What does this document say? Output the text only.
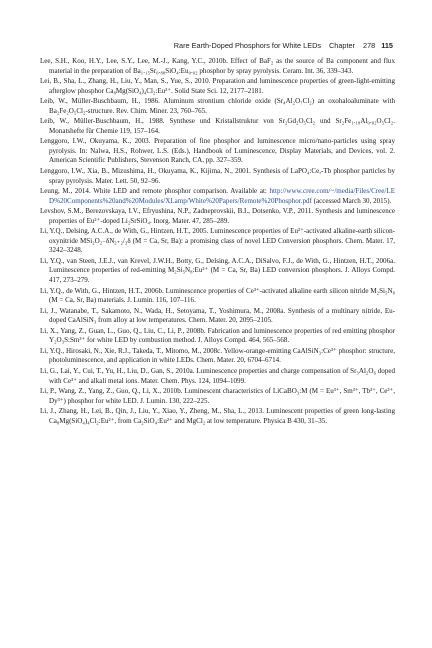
Rare Earth-Doped Phosphors for White LEDs
Chapter
278 115

Lee, S.H., Koo, H.Y., Lee, S.Y., Lee, M.-J., Kang, Y.C., 2010b. Effect of BaF₂ as the source of Ba component and flux material in the preparation of Ba₁.₁₅Sr₀.₈₈SiO₄:Eu₀.₀₂ phosphor by spray pyrolysis. Ceram. Int. 36, 339–343.

Lei, B., Sha, L., Zhang, H., Liu, Y., Man, S., Yue, S., 2010. Preparation and luminescence properties of green-light-emitting afterglow phosphor Ca₈Mg(SiO₄)₄Cl₂:Eu²⁺. Solid State Sci. 12, 2177–2181.

Leib, W., Müller-Buschbaum, H., 1986. Aluminum strontium chloride oxide (Sr₄Al₂O₇Cl₂) an oxohaloaluminate with Ba₂Fe₂O₅Cl₂-structure. Rev. Chim. Miner. 23, 760–765.

Leib, W., Müller-Buschbaum, H., 1988. Synthese und Kristallstruktur von Sr₂Gd₂O₅Cl₂ und Sr₂Fe₁.₁₈Al₀.₈₂O₅Cl₂. Monatshefte für Chemie 119, 157–164.

Lenggoro, I.W., Okuyama, K., 2003. Preparation of fine phosphor and luminescence micro/nano-particles using spray pyrolysis. In: Nalwa, H.S., Rohwer, L.S. (Eds.), Handbook of Luminescence, Display Materials, and Devices, vol. 2. American Scientific Publishers, Stevenson Ranch, CA, pp. 327–359.

Lenggoro, I.W., Xia, B., Mizushima, H., Okuyama, K., Kijima, N., 2001. Synthesis of LaPO₄:Ce,-Tb phosphor particles by spray pyrolysis. Mater. Lett. 50, 92–96.

Leung, M., 2014. White LED and remote phosphor comparison. Available at: http://www.cree.com/~/media/Files/Cree/LED%20Components%20and%20Modules/XLamp/White%20Papers/Remote%20Phosphor.pdf (accessed March 30, 2015).

Levshov, S.M., Berezovskaya, I.V., Efryushina, N.P., Zadneprovskii, B.I., Dotsenko, V.P., 2011. Synthesis and luminescence properties of Eu²⁺-doped Li₂SrSiO₄. Inorg. Mater. 47, 285–289.

Li, Y.Q., Delsing, A.C.A., de With, G., Hintzen, H.T., 2005. Luminescence properties of Eu²⁺-activated alkaline-earth silicon-oxynitride MSi₂O₂₋δN₂₊₂/₃δ (M = Ca, Sr, Ba): a promising class of novel LED Conversion phosphors. Chem. Mater. 17, 3242–3248.

Li, Y.Q., van Steen, J.E.J., van Krevel, J.W.H., Botty, G., Delsing, A.C.A., DiSalvo, F.J., de With, G., Hintzen, H.T., 2006a. Luminescence properties of red-emitting M₂Si₅N₈:Eu²⁺ (M = Ca, Sr, Ba) LED conversion phosphors. J. Alloys Compd. 417, 273–279.

Li, Y.Q., de With, G., Hintzen, H.T., 2006b. Luminescence properties of Ce³⁺-activated alkaline earth silicon nitride M₂Si₅N₈ (M = Ca, Sr, Ba) materials. J. Lumin. 116, 107–116.

Li, J., Watanabe, T., Sakamoto, N., Wada, H., Setoyama, T., Yoshimura, M., 2008a. Synthesis of a multinary nitride, Eu-doped CaAlSiN₃ from alloy at low temperatures. Chem. Mater. 20, 2095–2105.

Li, X., Yang, Z., Guan, L., Guo, Q., Liu, C., Li, P., 2008b. Fabrication and luminescence properties of red emitting phosphor Y₂O₃S:Sm³⁺ for white LED by combustion method. J. Alloys Compd. 464, 565–568.

Li, Y.Q., Hirosaki, N., Xie, R.J., Takeda, T., Mitomo, M., 2008c. Yellow-orange-emitting CaAlSiN₃:Ce³⁺ phosphor: structure, photoluminescence, and application in white LEDs. Chem. Mater. 20, 6704–6714.

Li, G., Lai, Y., Cui, T., Yu, H., Liu, D., Gan, S., 2010a. Luminescence properties and charge compensation of Sr₃Al₂O₆ doped with Ce³⁺ and alkali metal ions. Mater. Chem. Phys. 124, 1094–1099.

Li, P., Wang, Z., Yang, Z., Guo, Q., Li, X., 2010b. Luminescent characteristics of LiCaBO₃:M (M = Eu³⁺, Sm³⁺, Tb³⁺, Ce³⁺, Dy³⁺) phosphor for white LED. J. Lumin. 130, 222–225.

Li, J., Zhang, H., Lei, B., Qin, J., Liu, Y., Xiao, Y., Zheng, M., Sha, L., 2013. Luminescent properties of green long-lasting Ca₈Mg(SiO₄)₄Cl₂:Eu²⁺, from Ca₂SiO₄:Eu²⁺ and MgCl₂ at low temperature. Physica B 430, 31–35.
